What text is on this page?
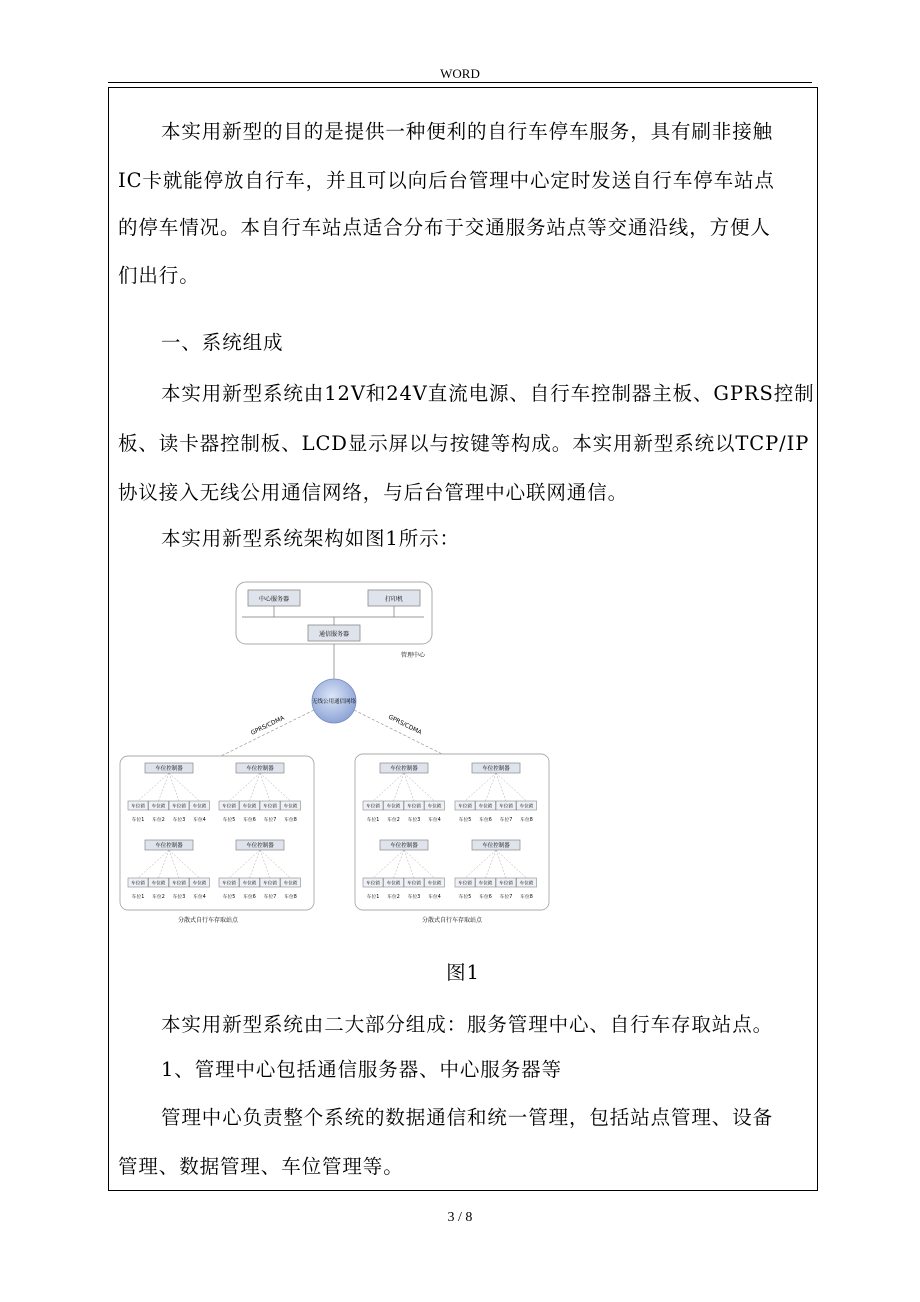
WORD
本实用新型的目的是提供一种便利的自行车停车服务，具有刷非接触
IC卡就能停放自行车，并且可以向后台管理中心定时发送自行车停车站点
的停车情况。本自行车站点适合分布于交通服务站点等交通沿线，方便人
们出行。
一、系统组成
本实用新型系统由12V和24V直流电源、自行车控制器主板、GPRS控制
板、读卡器控制板、LCD显示屏以与按键等构成。本实用新型系统以TCP/IP
协议接入无线公用通信网络，与后台管理中心联网通信。
本实用新型系统架构如图1所示：
中心服务器	打印机
通信服务器
管理中心
无线公用通信网络
GPRS/CDMA	GPRS/CDMA
分散式自行车存取站点	分散式自行车存取站点
车位控制器
车位锁
车位1
车位锁
车位2
车位锁
车位3
车位锁
车位4
车位控制器
车位锁
车位5
车位锁
车位6
车位锁
车位7
车位锁
车位8
车位控制器
车位锁
车位1
车位锁
车位2
车位锁
车位3
车位锁
车位4
车位控制器
车位锁
车位5
车位锁
车位6
车位锁
车位7
车位锁
车位8
车位控制器
车位锁
车位1
车位锁
车位2
车位锁
车位3
车位锁
车位4
车位控制器
车位锁
车位5
车位锁
车位6
车位锁
车位7
车位锁
车位8
车位控制器
车位锁
车位1
车位锁
车位2
车位锁
车位3
车位锁
车位4
车位控制器
车位锁
车位5
车位锁
车位6
车位锁
车位7
车位锁
车位8
图1
本实用新型系统由二大部分组成：服务管理中心、自行车存取站点。
1、管理中心包括通信服务器、中心服务器等
管理中心负责整个系统的数据通信和统一管理，包括站点管理、设备
管理、数据管理、车位管理等。
3 / 8
